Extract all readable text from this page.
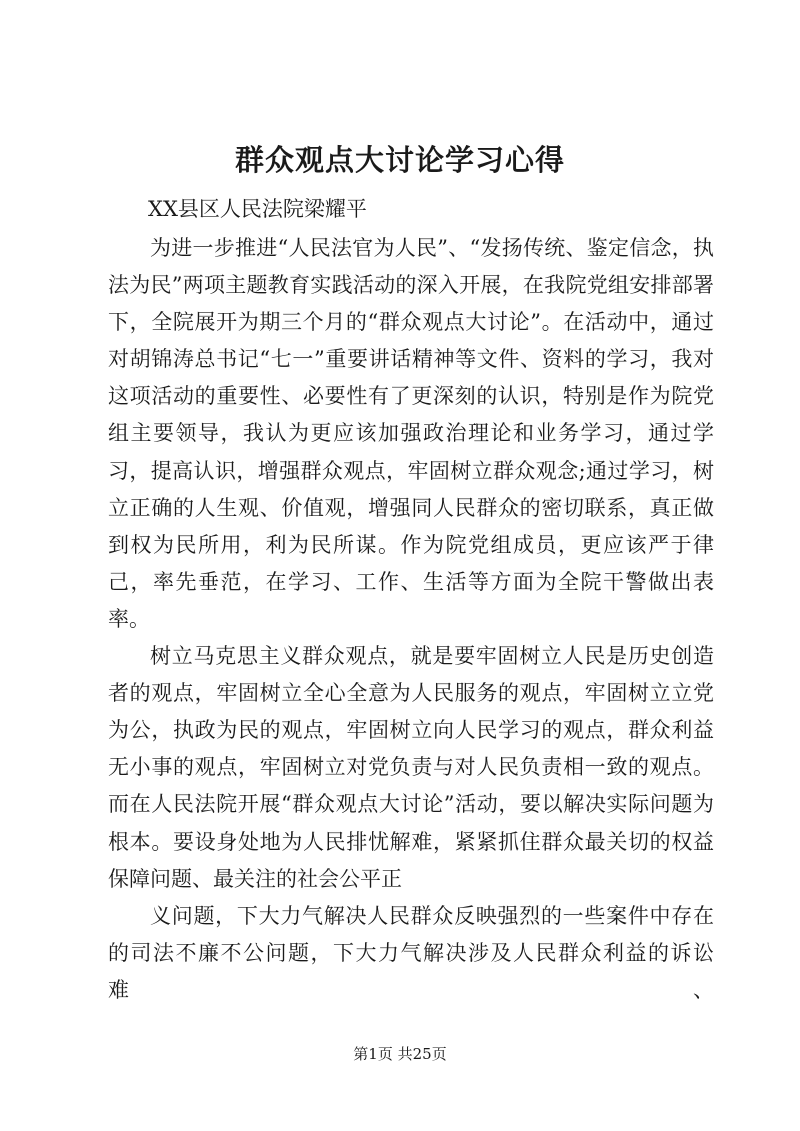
群众观点大讨论学习心得
XX县区人民法院梁耀平

为进一步推进“人民法官为人民”、“发扬传统、鉴定信念，执法为民”两项主题教育实践活动的深入开展，在我院党组安排部署下，全院展开为期三个月的“群众观点大讨论”。在活动中，通过对胡锦涛总书记“七一”重要讲话精神等文件、资料的学习，我对这项活动的重要性、必要性有了更深刻的认识，特别是作为院党组主要领导，我认为更应该加强政治理论和业务学习，通过学习，提高认识，增强群众观点，牢固树立群众观念;通过学习，树立正确的人生观、价值观，增强同人民群众的密切联系，真正做到权为民所用，利为民所谋。作为院党组成员，更应该严于律己，率先垂范，在学习、工作、生活等方面为全院干警做出表率。

树立马克思主义群众观点，就是要牢固树立人民是历史创造者的观点，牢固树立全心全意为人民服务的观点，牢固树立立党为公，执政为民的观点，牢固树立向人民学习的观点，群众利益无小事的观点，牢固树立对党负责与对人民负责相一致的观点。而在人民法院开展“群众观点大讨论”活动，要以解决实际问题为根本。要设身处地为人民排忧解难，紧紧抓住群众最关切的权益保障问题、最关注的社会公平正

义问题，下大力气解决人民群众反映强烈的一些案件中存在的司法不廉不公问题，下大力气解决涉及人民群众利益的诉讼难、

第1页 共25页
